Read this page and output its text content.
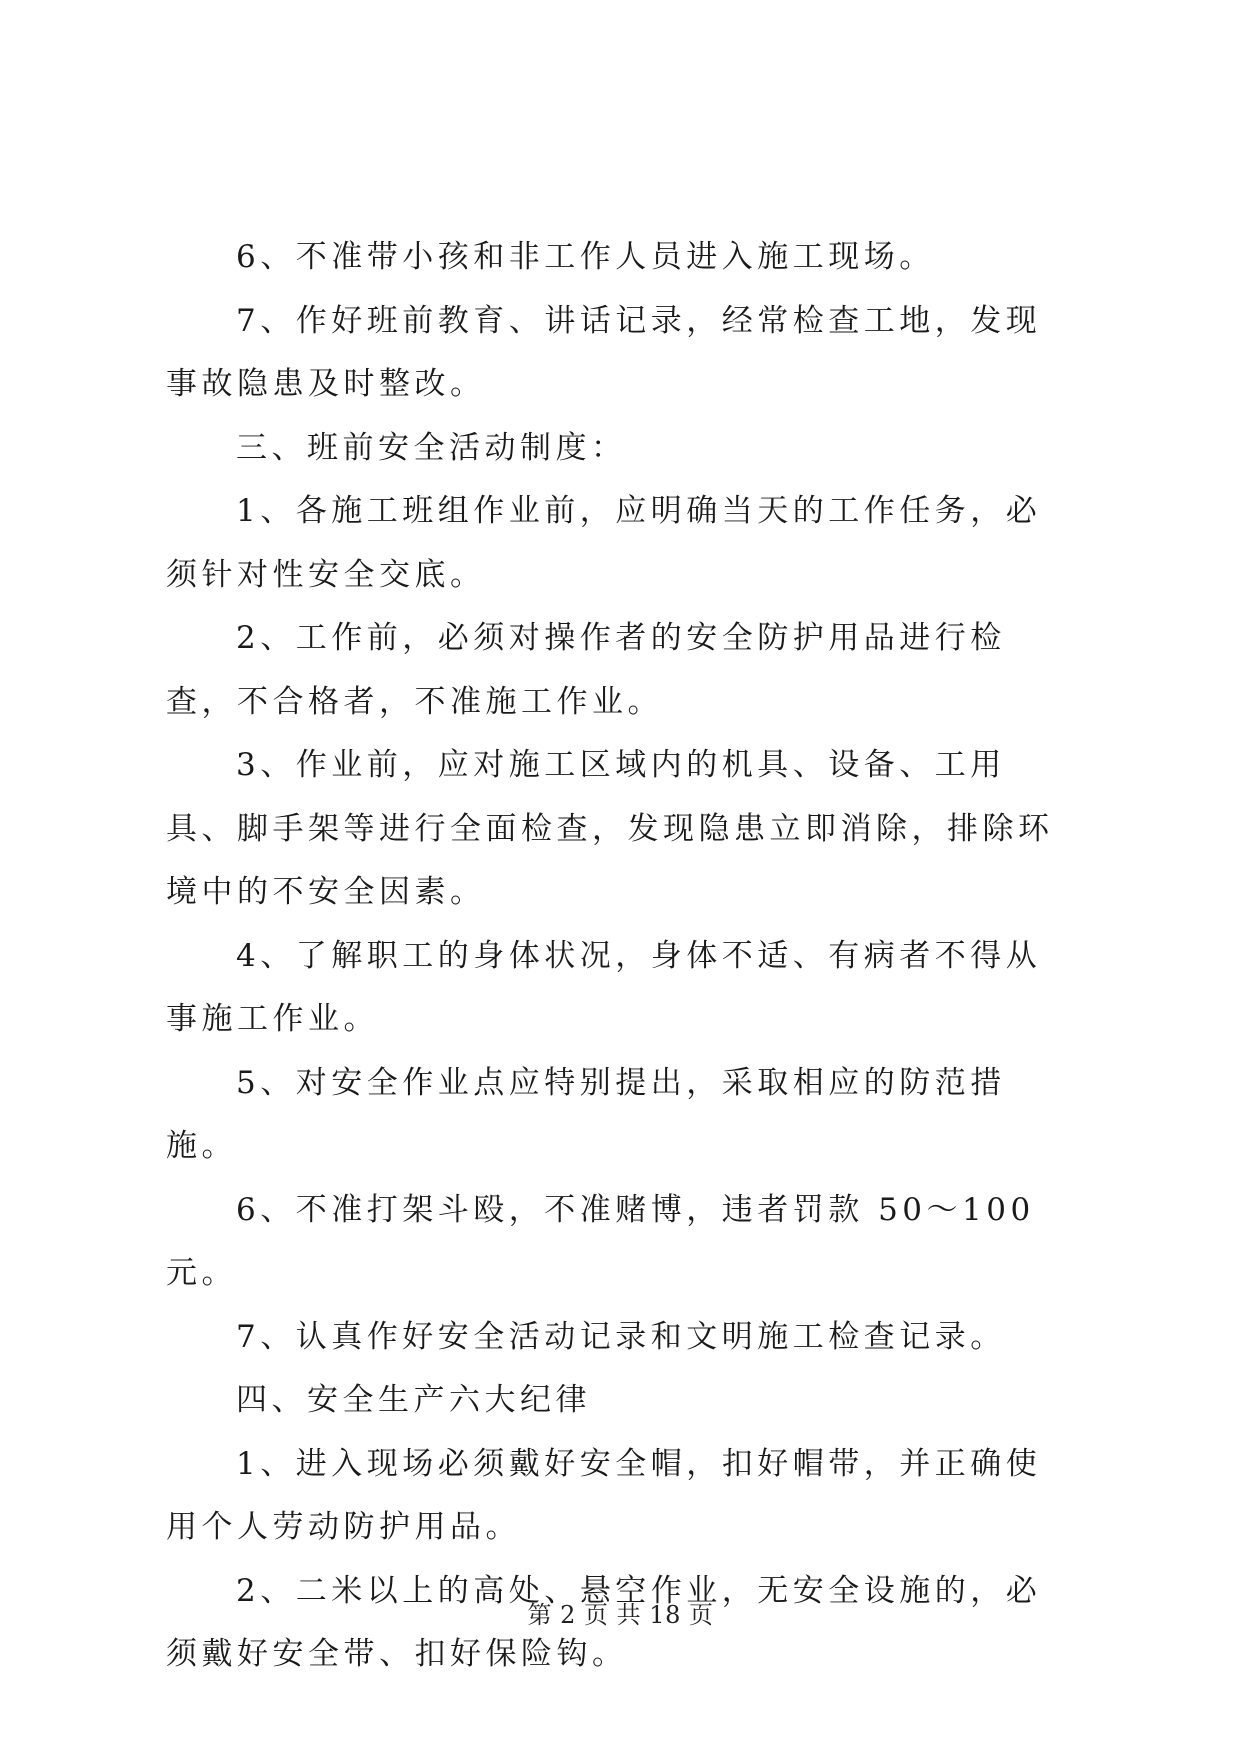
6、不准带小孩和非工作人员进入施工现场。

7、作好班前教育、讲话记录，经常检查工地，发现事故隐患及时整改。

三、班前安全活动制度：

1、各施工班组作业前，应明确当天的工作任务，必须针对性安全交底。

2、工作前，必须对操作者的安全防护用品进行检查，不合格者，不准施工作业。

3、作业前，应对施工区域内的机具、设备、工用具、脚手架等进行全面检查，发现隐患立即消除，排除环境中的不安全因素。

4、了解职工的身体状况，身体不适、有病者不得从事施工作业。

5、对安全作业点应特别提出，采取相应的防范措施。

6、不准打架斗殴，不准赌博，违者罚款 50～100 元。

7、认真作好安全活动记录和文明施工检查记录。

四、安全生产六大纪律

1、进入现场必须戴好安全帽，扣好帽带，并正确使用个人劳动防护用品。

2、二米以上的高处、悬空作业，无安全设施的，必须戴好安全带、扣好保险钩。

第 2 页 共 18 页
